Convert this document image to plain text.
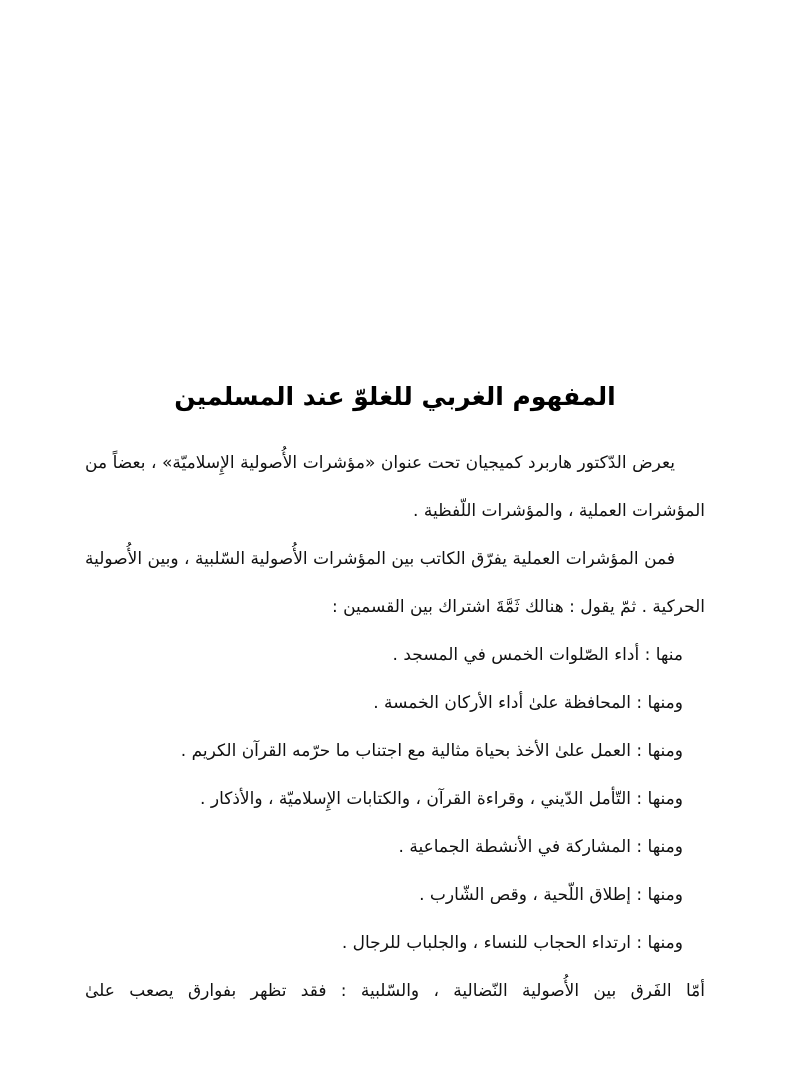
المفهوم الغربي للغلوّ عند المسلمين

يعرض الدّكتور هاربرد كميجيان تحت عنوان «مؤشرات الأُصولية الإِسلاميّة» ، بعضاً من المؤشرات العملية ، والمؤشرات اللّفظية .

فمن المؤشرات العملية يفرّق الكاتب بين المؤشرات الأُصولية السّلبية ، وبين الأُصولية الحركية . ثمّ يقول : هنالك ثَمَّةَ اشتراك بين القسمين :

منها : أداء الصّلوات الخمس في المسجد .

ومنها : المحافظة علىٰ أداء الأركان الخمسة .

ومنها : العمل علىٰ الأخذ بحياة مثالية مع اجتناب ما حرّمه القرآن الكريم .

ومنها : التّأمل الدّيني ، وقراءة القرآن ، والكتابات الإِسلاميّة ، والأذكار .

ومنها : المشاركة في الأنشطة الجماعية .

ومنها : إطلاق اللّحية ، وقص الشّارب .

ومنها : ارتداء الحجاب للنساء ، والجلباب للرجال .

أمّا الفَرق بين الأُصولية النّضالية ، والسّلبية : فقد تظهر بفوارق يصعب علىٰ
